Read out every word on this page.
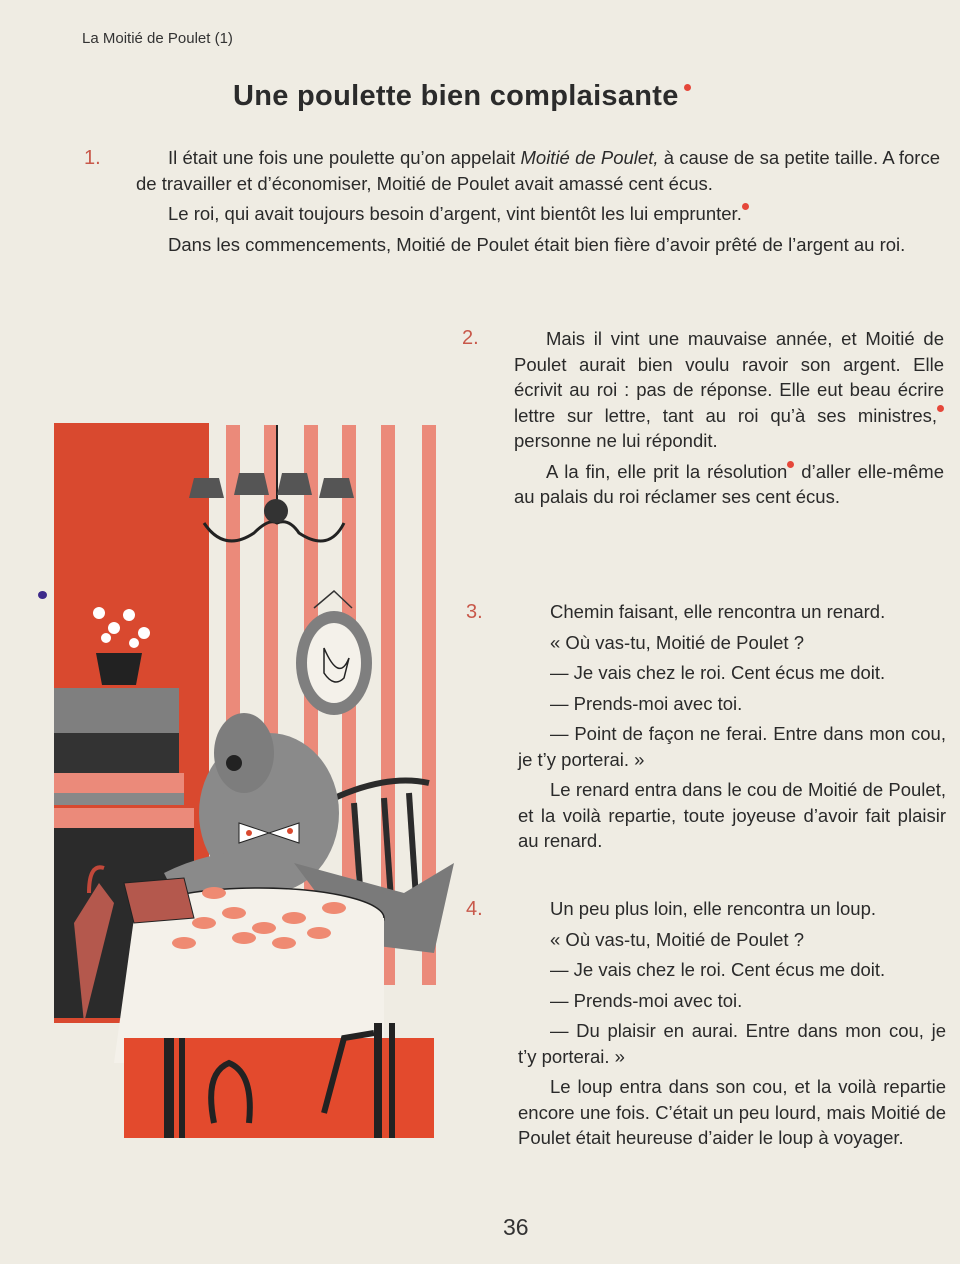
La Moitié de Poulet (1)
Une poulette bien complaisante
1.	Il était une fois une poulette qu’on appelait Moitié de Poulet, à cause de sa petite taille. A force de travailler et d’économiser, Moitié de Poulet avait amassé cent écus.

Le roi, qui avait toujours besoin d’argent, vint bientôt les lui emprunter.

Dans les commencements, Moitié de Poulet était bien fière d’avoir prêté de l’argent au roi.

2.	Mais il vint une mauvaise année, et Moitié de Poulet aurait bien voulu ravoir son argent. Elle écrivit au roi : pas de réponse. Elle eut beau écrire lettre sur lettre, tant au roi qu’à ses ministres, personne ne lui répondit.

A la fin, elle prit la résolution d’aller elle-même au palais du roi réclamer ses cent écus.

3.	Chemin faisant, elle rencontra un renard.

« Où vas-tu, Moitié de Poulet ?

— Je vais chez le roi. Cent écus me doit.

— Prends-moi avec toi.

— Point de façon ne ferai. Entre dans mon cou, je t’y porterai. »

Le renard entra dans le cou de Moitié de Poulet, et la voilà repartie, toute joyeuse d’avoir fait plaisir au renard.

4.	Un peu plus loin, elle rencontra un loup.

« Où vas-tu, Moitié de Poulet ?

— Je vais chez le roi. Cent écus me doit.

— Prends-moi avec toi.

— Du plaisir en aurai. Entre dans mon cou, je t’y porterai. »

Le loup entra dans son cou, et la voilà repartie encore une fois. C’était un peu lourd, mais Moitié de Poulet était heureuse d’aider le loup à voyager.

36
